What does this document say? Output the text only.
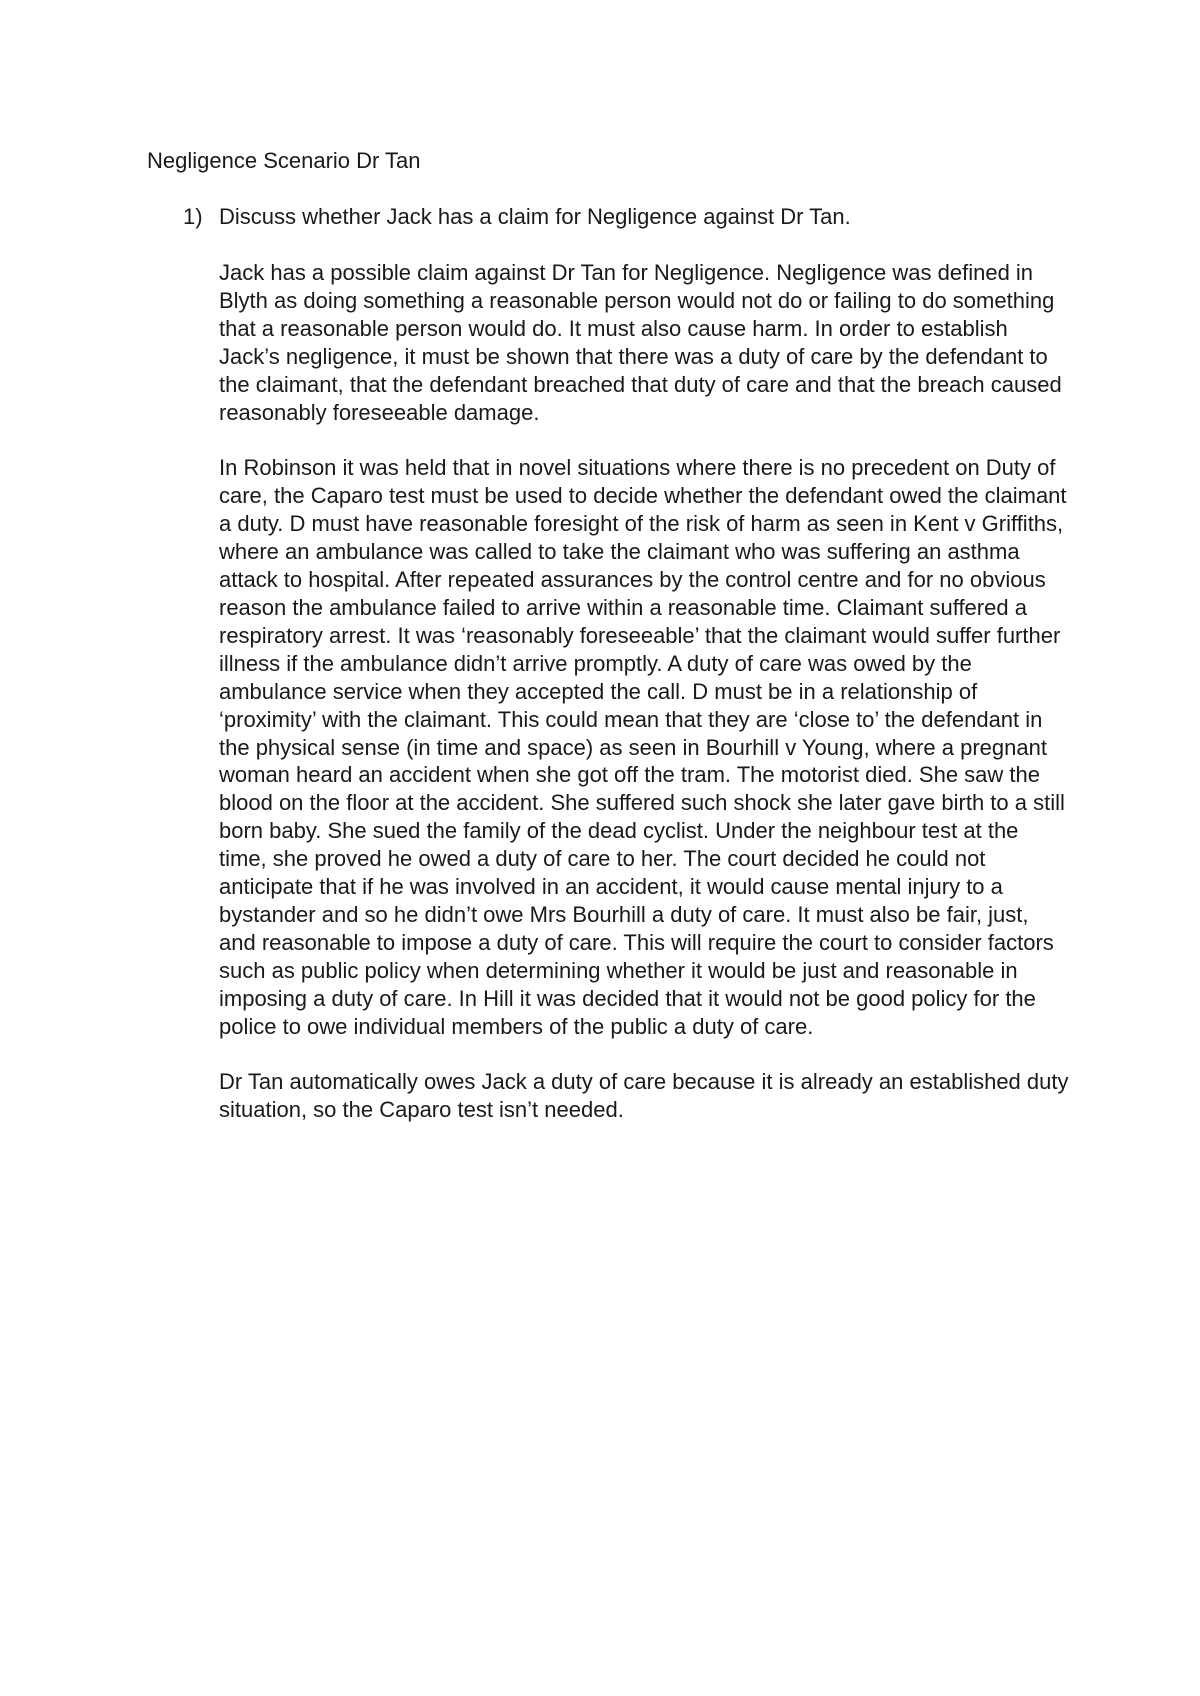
Negligence Scenario Dr Tan
1) Discuss whether Jack has a claim for Negligence against Dr Tan.

Jack has a possible claim against Dr Tan for Negligence. Negligence was defined in Blyth as doing something a reasonable person would not do or failing to do something that a reasonable person would do. It must also cause harm. In order to establish Jack’s negligence, it must be shown that there was a duty of care by the defendant to the claimant, that the defendant breached that duty of care and that the breach caused reasonably foreseeable damage.

In Robinson it was held that in novel situations where there is no precedent on Duty of care, the Caparo test must be used to decide whether the defendant owed the claimant a duty. D must have reasonable foresight of the risk of harm as seen in Kent v Griffiths, where an ambulance was called to take the claimant who was suffering an asthma attack to hospital. After repeated assurances by the control centre and for no obvious reason the ambulance failed to arrive within a reasonable time. Claimant suffered a respiratory arrest. It was ‘reasonably foreseeable’ that the claimant would suffer further illness if the ambulance didn’t arrive promptly. A duty of care was owed by the ambulance service when they accepted the call. D must be in a relationship of ‘proximity’ with the claimant. This could mean that they are ‘close to’ the defendant in the physical sense (in time and space) as seen in Bourhill v Young, where a pregnant woman heard an accident when she got off the tram. The motorist died. She saw the blood on the floor at the accident. She suffered such shock she later gave birth to a still born baby. She sued the family of the dead cyclist. Under the neighbour test at the time, she proved he owed a duty of care to her. The court decided he could not anticipate that if he was involved in an accident, it would cause mental injury to a bystander and so he didn’t owe Mrs Bourhill a duty of care. It must also be fair, just, and reasonable to impose a duty of care. This will require the court to consider factors such as public policy when determining whether it would be just and reasonable in imposing a duty of care. In Hill it was decided that it would not be good policy for the police to owe individual members of the public a duty of care.

Dr Tan automatically owes Jack a duty of care because it is already an established duty situation, so the Caparo test isn’t needed.
